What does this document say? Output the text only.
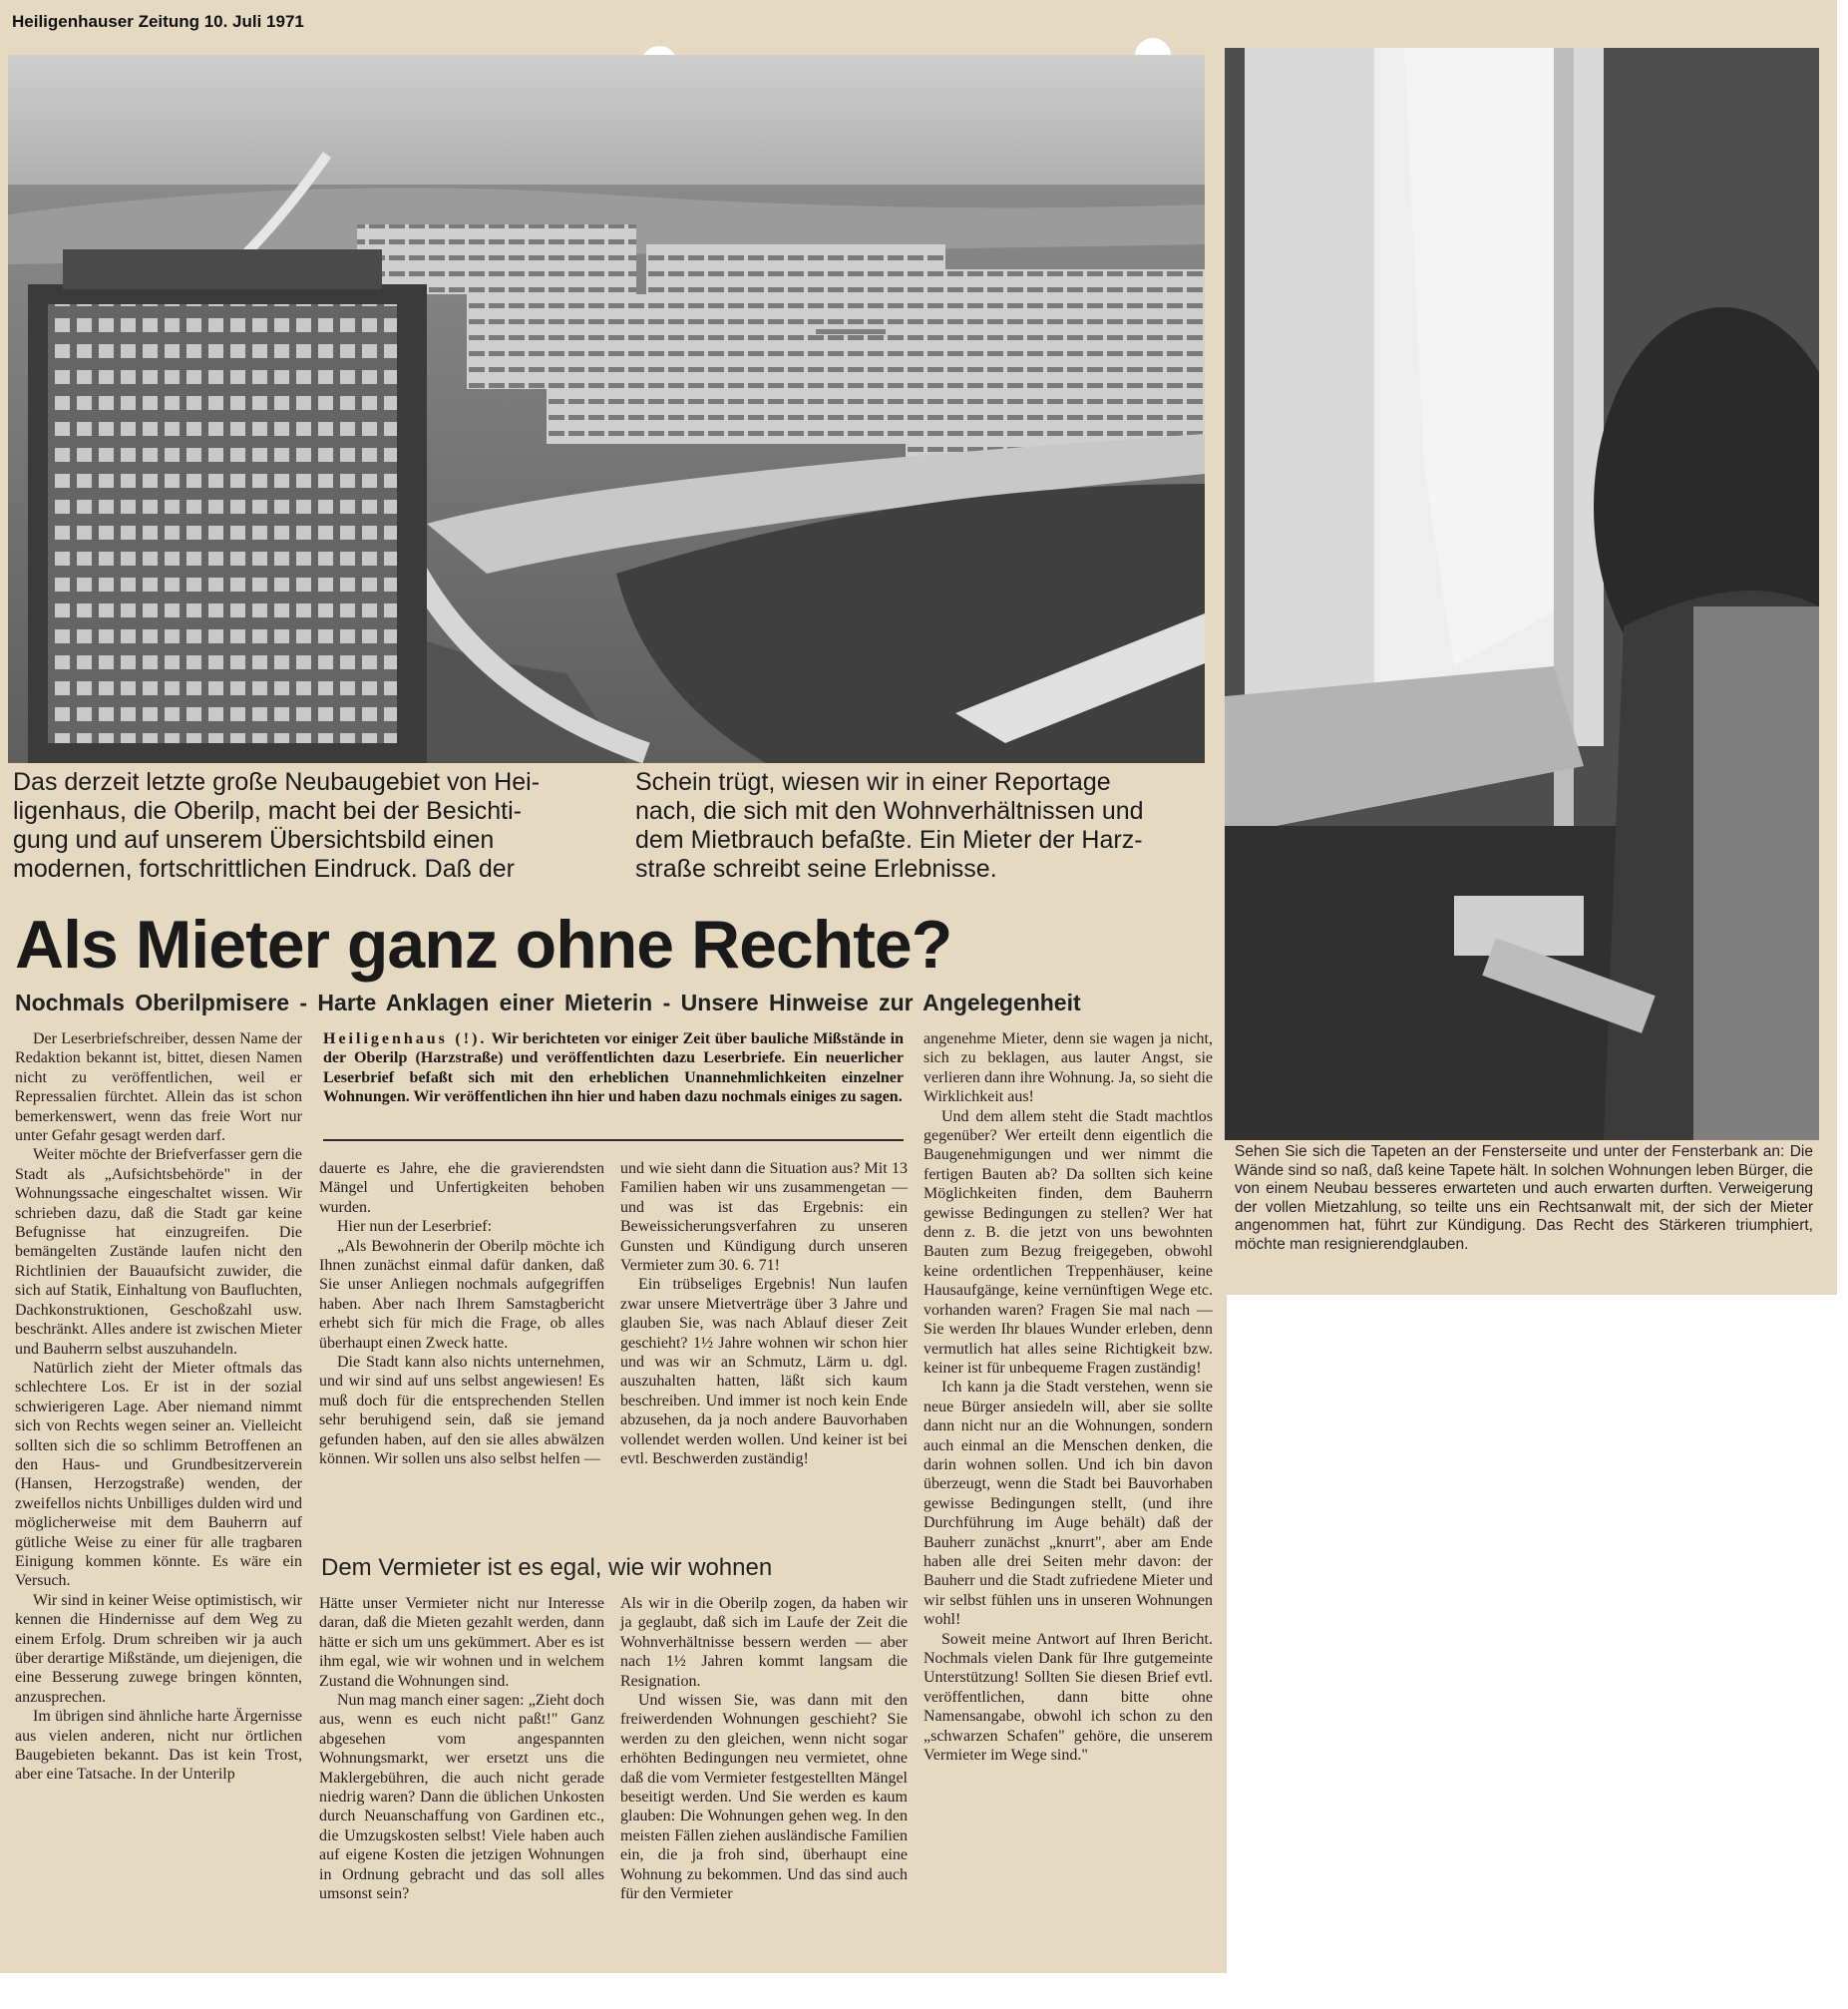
Heiligenhauser Zeitung 10. Juli 1971
Das derzeit letzte große Neubaugebiet von Hei-
ligenhaus, die Oberilp, macht bei der Besichti-
gung und auf unserem Übersichtsbild einen
modernen, fortschrittlichen Eindruck. Daß der
Schein trügt, wiesen wir in einer Reportage
nach, die sich mit den Wohnverhältnissen und
dem Mietbrauch befaßte. Ein Mieter der Harz-
straße schreibt seine Erlebnisse.
Als Mieter ganz ohne Rechte?
Nochmals Oberilpmisere - Harte Anklagen einer Mieterin - Unsere Hinweise zur Angelegenheit

Der Leserbriefschreiber, dessen Name der Redaktion bekannt ist, bittet, diesen Namen nicht zu veröffentlichen, weil er Repressalien fürchtet. Allein das ist schon bemerkenswert, wenn das freie Wort nur unter Gefahr gesagt werden darf.

Weiter möchte der Briefverfasser gern die Stadt als „Aufsichtsbehörde" in der Wohnungssache eingeschaltet wissen. Wir schrieben dazu, daß die Stadt gar keine Befugnisse hat einzugreifen. Die bemängelten Zustände laufen nicht den Richtlinien der Bauaufsicht zuwider, die sich auf Statik, Einhaltung von Baufluchten, Dachkonstruktionen, Geschoßzahl usw. beschränkt. Alles andere ist zwischen Mieter und Bauherrn selbst auszuhandeln.

Natürlich zieht der Mieter oftmals das schlechtere Los. Er ist in der sozial schwierigeren Lage. Aber niemand nimmt sich von Rechts wegen seiner an. Vielleicht sollten sich die so schlimm Betroffenen an den Haus- und Grundbesitzerverein (Hansen, Herzogstraße) wenden, der zweifellos nichts Unbilliges dulden wird und möglicherweise mit dem Bauherrn auf gütliche Weise zu einer für alle tragbaren Einigung kommen könnte. Es wäre ein Versuch.

Wir sind in keiner Weise optimistisch, wir kennen die Hindernisse auf dem Weg zu einem Erfolg. Drum schreiben wir ja auch über derartige Mißstände, um diejenigen, die eine Besserung zuwege bringen könnten, anzusprechen.

Im übrigen sind ähnliche harte Ärgernisse aus vielen anderen, nicht nur örtlichen Baugebieten bekannt. Das ist kein Trost, aber eine Tatsache. In der Unterilp

Heiligenhaus (!). Wir berichteten vor einiger Zeit über bauliche Mißstände in der Oberilp (Harzstraße) und veröffentlichten dazu Leserbriefe. Ein neuerlicher Leserbrief befaßt sich mit den erheblichen Unannehmlichkeiten einzelner Wohnungen. Wir veröffentlichen ihn hier und haben dazu nochmals einiges zu sagen.

dauerte es Jahre, ehe die gravierendsten Mängel und Unfertigkeiten behoben wurden.

Hier nun der Leserbrief:

„Als Bewohnerin der Oberilp möchte ich Ihnen zunächst einmal dafür danken, daß Sie unser Anliegen nochmals aufgegriffen haben. Aber nach Ihrem Samstagbericht erhebt sich für mich die Frage, ob alles überhaupt einen Zweck hatte.

Die Stadt kann also nichts unternehmen, und wir sind auf uns selbst angewiesen! Es muß doch für die entsprechenden Stellen sehr beruhigend sein, daß sie jemand gefunden haben, auf den sie alles abwälzen können. Wir sollen uns also selbst helfen —

und wie sieht dann die Situation aus? Mit 13 Familien haben wir uns zusammengetan — und was ist das Ergebnis: ein Beweissicherungsverfahren zu unseren Gunsten und Kündigung durch unseren Vermieter zum 30. 6. 71!

Ein trübseliges Ergebnis! Nun laufen zwar unsere Mietverträge über 3 Jahre und glauben Sie, was nach Ablauf dieser Zeit geschieht? 1½ Jahre wohnen wir schon hier und was wir an Schmutz, Lärm u. dgl. auszuhalten hatten, läßt sich kaum beschreiben. Und immer ist noch kein Ende abzusehen, da ja noch andere Bauvorhaben vollendet werden wollen. Und keiner ist bei evtl. Beschwerden zuständig!

Dem Vermieter ist es egal, wie wir wohnen

Hätte unser Vermieter nicht nur Interesse daran, daß die Mieten gezahlt werden, dann hätte er sich um uns gekümmert. Aber es ist ihm egal, wie wir wohnen und in welchem Zustand die Wohnungen sind.

Nun mag manch einer sagen: „Zieht doch aus, wenn es euch nicht paßt!" Ganz abgesehen vom angespannten Wohnungsmarkt, wer ersetzt uns die Maklergebühren, die auch nicht gerade niedrig waren? Dann die üblichen Unkosten durch Neuanschaffung von Gardinen etc., die Umzugskosten selbst! Viele haben auch auf eigene Kosten die jetzigen Wohnungen in Ordnung gebracht und das soll alles umsonst sein?

Als wir in die Oberilp zogen, da haben wir ja geglaubt, daß sich im Laufe der Zeit die Wohnverhältnisse bessern werden — aber nach 1½ Jahren kommt langsam die Resignation.

Und wissen Sie, was dann mit den freiwerdenden Wohnungen geschieht? Sie werden zu den gleichen, wenn nicht sogar erhöhten Bedingungen neu vermietet, ohne daß die vom Vermieter festgestellten Mängel beseitigt werden. Und Sie werden es kaum glauben: Die Wohnungen gehen weg. In den meisten Fällen ziehen ausländische Familien ein, die ja froh sind, überhaupt eine Wohnung zu bekommen. Und das sind auch für den Vermieter

angenehme Mieter, denn sie wagen ja nicht, sich zu beklagen, aus lauter Angst, sie verlieren dann ihre Wohnung. Ja, so sieht die Wirklichkeit aus!

Und dem allem steht die Stadt machtlos gegenüber? Wer erteilt denn eigentlich die Baugenehmigungen und wer nimmt die fertigen Bauten ab? Da sollten sich keine Möglichkeiten finden, dem Bauherrn gewisse Bedingungen zu stellen? Wer hat denn z. B. die jetzt von uns bewohnten Bauten zum Bezug freigegeben, obwohl keine ordentlichen Treppenhäuser, keine Hausaufgänge, keine vernünftigen Wege etc. vorhanden waren? Fragen Sie mal nach — Sie werden Ihr blaues Wunder erleben, denn vermutlich hat alles seine Richtigkeit bzw. keiner ist für unbequeme Fragen zuständig!

Ich kann ja die Stadt verstehen, wenn sie neue Bürger ansiedeln will, aber sie sollte dann nicht nur an die Wohnungen, sondern auch einmal an die Menschen denken, die darin wohnen sollen. Und ich bin davon überzeugt, wenn die Stadt bei Bauvorhaben gewisse Bedingungen stellt, (und ihre Durchführung im Auge behält) daß der Bauherr zunächst „knurrt", aber am Ende haben alle drei Seiten mehr davon: der Bauherr und die Stadt zufriedene Mieter und wir selbst fühlen uns in unseren Wohnungen wohl!

Soweit meine Antwort auf Ihren Bericht. Nochmals vielen Dank für Ihre gutgemeinte Unterstützung! Sollten Sie diesen Brief evtl. veröffentlichen, dann bitte ohne Namensangabe, obwohl ich schon zu den „schwarzen Schafen" gehöre, die unserem Vermieter im Wege sind."

Sehen Sie sich die Tapeten an der Fensterseite und unter der Fensterbank an: Die Wände sind so naß, daß keine Tapete hält. In solchen Wohnungen leben Bürger, die von einem Neubau besseres erwarteten und auch erwarten durften. Verweigerung der vollen Mietzahlung, so teilte uns ein Rechtsanwalt mit, der sich der Mieter angenommen hat, führt zur Kündigung. Das Recht des Stärkeren triumphiert, möchte man resignierendglauben.
